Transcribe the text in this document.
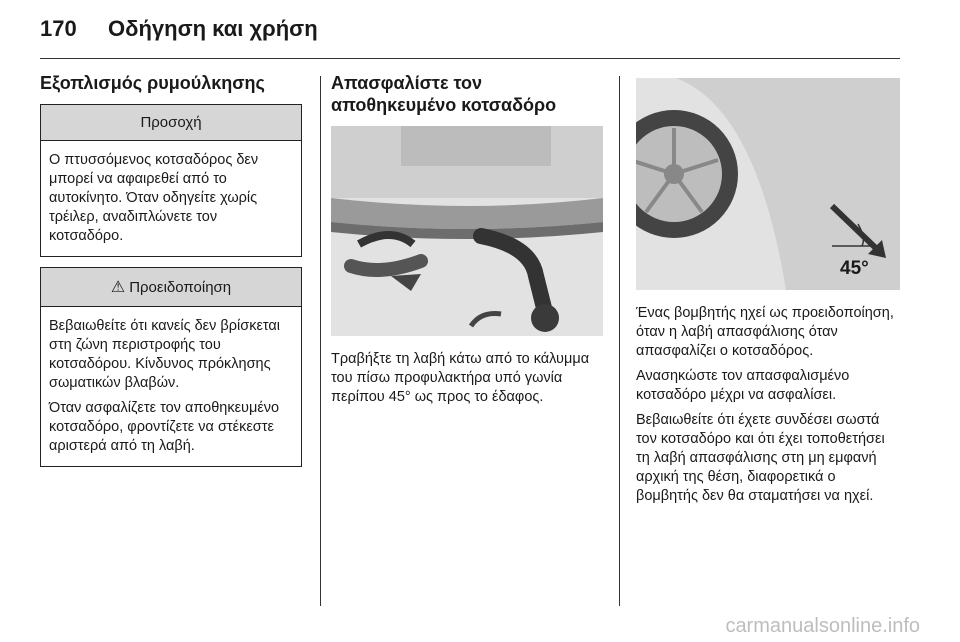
170 Οδήγηση και χρήση
Εξοπλισμός ρυμούλκησης
Προσοχή

Ο πτυσσόμενος κοτσαδόρος δεν μπορεί να αφαιρεθεί από το αυτοκίνητο. Όταν οδηγείτε χωρίς τρέιλερ, αναδιπλώνετε τον κοτσαδόρο.

⚠ Προειδοποίηση

Βεβαιωθείτε ότι κανείς δεν βρίσκεται στη ζώνη περιστροφής του κοτσαδόρου. Κίνδυνος πρόκλησης σωματικών βλαβών.

Όταν ασφαλίζετε τον αποθηκευμένο κοτσαδόρο, φροντίζετε να στέκεστε αριστερά από τη λαβή.

Απασφαλίστε τον αποθηκευμένο κοτσαδόρο

Τραβήξτε τη λαβή κάτω από το κάλυμμα του πίσω προφυλακτήρα υπό γωνία περίπου 45° ως προς το έδαφος.

45°

Ένας βομβητής ηχεί ως προειδοποίηση, όταν η λαβή απασφάλισης όταν απασφαλίζει ο κοτσαδόρος.

Ανασηκώστε τον απασφαλισμένο κοτσαδόρο μέχρι να ασφαλίσει.

Βεβαιωθείτε ότι έχετε συνδέσει σωστά τον κοτσαδόρο και ότι έχει τοποθετήσει τη λαβή απασφάλισης στη μη εμφανή αρχική της θέση, διαφορετικά ο βομβητής δεν θα σταματήσει να ηχεί.

carmanualsonline.info
